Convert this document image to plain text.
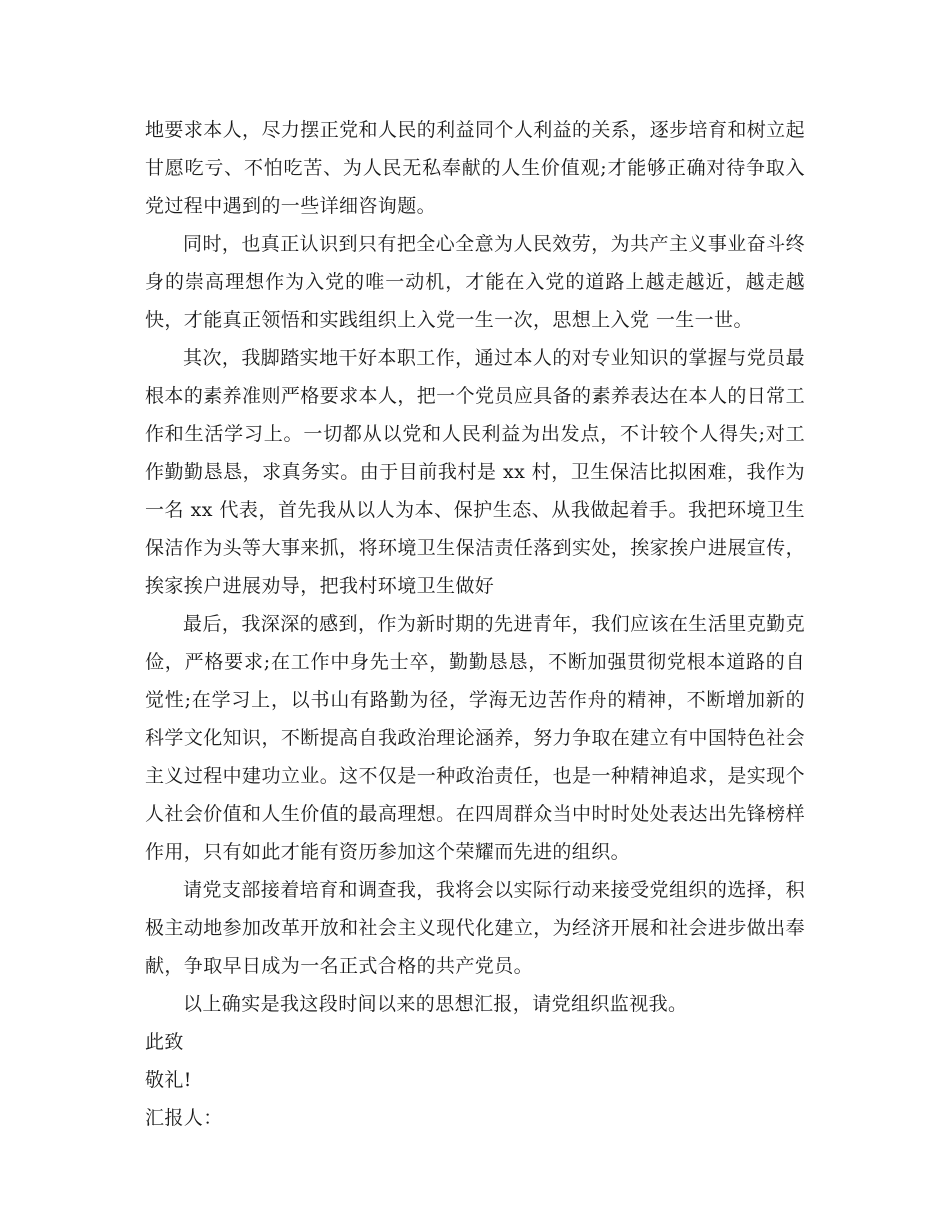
地要求本人，尽力摆正党和人民的利益同个人利益的关系，逐步培育和树立起甘愿吃亏、不怕吃苦、为人民无私奉献的人生价值观;才能够正确对待争取入党过程中遇到的一些详细咨询题。

同时，也真正认识到只有把全心全意为人民效劳，为共产主义事业奋斗终身的崇高理想作为入党的唯一动机，才能在入党的道路上越走越近，越走越快，才能真正领悟和实践组织上入党一生一次，思想上入党 一生一世。

其次，我脚踏实地干好本职工作，通过本人的对专业知识的掌握与党员最根本的素养准则严格要求本人，把一个党员应具备的素养表达在本人的日常工作和生活学习上。一切都从以党和人民利益为出发点，不计较个人得失;对工作勤勤恳恳，求真务实。由于目前我村是 xx 村，卫生保洁比拟困难，我作为一名 xx 代表，首先我从以人为本、保护生态、从我做起着手。我把环境卫生保洁作为头等大事来抓，将环境卫生保洁责任落到实处，挨家挨户进展宣传，挨家挨户进展劝导，把我村环境卫生做好

最后，我深深的感到，作为新时期的先进青年，我们应该在生活里克勤克俭，严格要求;在工作中身先士卒，勤勤恳恳，不断加强贯彻党根本道路的自觉性;在学习上，以书山有路勤为径，学海无边苦作舟的精神，不断增加新的科学文化知识，不断提高自我政治理论涵养，努力争取在建立有中国特色社会主义过程中建功立业。这不仅是一种政治责任，也是一种精神追求，是实现个人社会价值和人生价值的最高理想。在四周群众当中时时处处表达出先锋榜样作用，只有如此才能有资历参加这个荣耀而先进的组织。

请党支部接着培育和调查我，我将会以实际行动来接受党组织的选择，积极主动地参加改革开放和社会主义现代化建立，为经济开展和社会进步做出奉献，争取早日成为一名正式合格的共产党员。

以上确实是我这段时间以来的思想汇报，请党组织监视我。

此致

敬礼!

汇报人：
